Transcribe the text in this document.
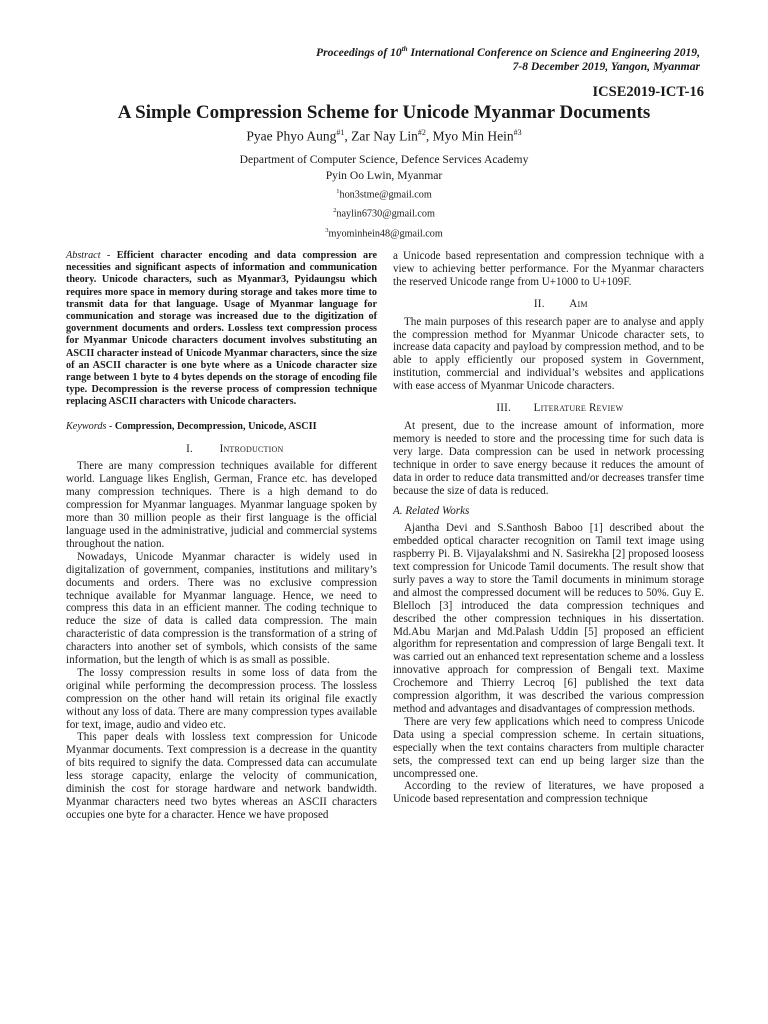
Proceedings of 10th International Conference on Science and Engineering 2019,
7-8 December 2019, Yangon, Myanmar
ICSE2019-ICT-16
A Simple Compression Scheme for Unicode Myanmar Documents
Pyae Phyo Aung$^{\#1}$, Zar Nay Lin$^{\#2}$, Myo Min Hein$^{\#3}$
Department of Computer Science, Defence Services Academy
Pyin Oo Lwin, Myanmar
$^1$hon3stme@gmail.com
$^2$naylin6730@gmail.com
$^3$myominhein48@gmail.com

Abstract - Efficient character encoding and data compression are necessities and significant aspects of information and communication theory. Unicode characters, such as Myanmar3, Pyidaungsu which requires more space in memory during storage and takes more time to transmit data for that language. Usage of Myanmar language for communication and storage was increased due to the digitization of government documents and orders. Lossless text compression process for Myanmar Unicode characters document involves substituting an ASCII character instead of Unicode Myanmar characters, since the size of an ASCII character is one byte where as a Unicode character size range between 1 byte to 4 bytes depends on the storage of encoding file type. Decompression is the reverse process of compression technique replacing ASCII characters with Unicode characters.

Keywords - Compression, Decompression, Unicode, ASCII

I. Introduction

There are many compression techniques available for different world. Language likes English, German, France etc. has developed many compression techniques. There is a high demand to do compression for Myanmar languages. Myanmar language spoken by more than 30 million people as their first language is the official language used in the administrative, judicial and commercial systems throughout the nation.

Nowadays, Unicode Myanmar character is widely used in digitalization of government, companies, institutions and military’s documents and orders. There was no exclusive compression technique available for Myanmar language. Hence, we need to compress this data in an efficient manner. The coding technique to reduce the size of data is called data compression. The main characteristic of data compression is the transformation of a string of characters into another set of symbols, which consists of the same information, but the length of which is as small as possible.

The lossy compression results in some loss of data from the original while performing the decompression process. The lossless compression on the other hand will retain its original file exactly without any loss of data. There are many compression types available for text, image, audio and video etc.

This paper deals with lossless text compression for Unicode Myanmar documents. Text compression is a decrease in the quantity of bits required to signify the data. Compressed data can accumulate less storage capacity, enlarge the velocity of communication, diminish the cost for storage hardware and network bandwidth. Myanmar characters need two bytes whereas an ASCII characters occupies one byte for a character. Hence we have proposed

a Unicode based representation and compression technique with a view to achieving better performance. For the Myanmar characters the reserved Unicode range from U+1000 to U+109F.

II. Aim

The main purposes of this research paper are to analyse and apply the compression method for Myanmar Unicode character sets, to increase data capacity and payload by compression method, and to be able to apply efficiently our proposed system in Government, institution, commercial and individual’s websites and applications with ease access of Myanmar Unicode characters.

III. Literature Review

At present, due to the increase amount of information, more memory is needed to store and the processing time for such data is very large. Data compression can be used in network processing technique in order to save energy because it reduces the amount of data in order to reduce data transmitted and/or decreases transfer time because the size of data is reduced.

A. Related Works

Ajantha Devi and S.Santhosh Baboo [1] described about the embedded optical character recognition on Tamil text image using raspberry Pi. B. Vijayalakshmi and N. Sasirekha [2] proposed loosess text compression for Unicode Tamil documents. The result show that surly paves a way to store the Tamil documents in minimum storage and almost the compressed document will be reduces to 50%. Guy E. Blelloch [3] introduced the data compression techniques and described the other compression techniques in his dissertation. Md.Abu Marjan and Md.Palash Uddin [5] proposed an efficient algorithm for representation and compression of large Bengali text. It was carried out an enhanced text representation scheme and a lossless innovative approach for compression of Bengali text. Maxime Crochemore and Thierry Lecroq [6] published the text data compression algorithm, it was described the various compression method and advantages and disadvantages of compression methods.

There are very few applications which need to compress Unicode Data using a special compression scheme. In certain situations, especially when the text contains characters from multiple character sets, the compressed text can end up being larger size than the uncompressed one.

According to the review of literatures, we have proposed a Unicode based representation and compression technique
